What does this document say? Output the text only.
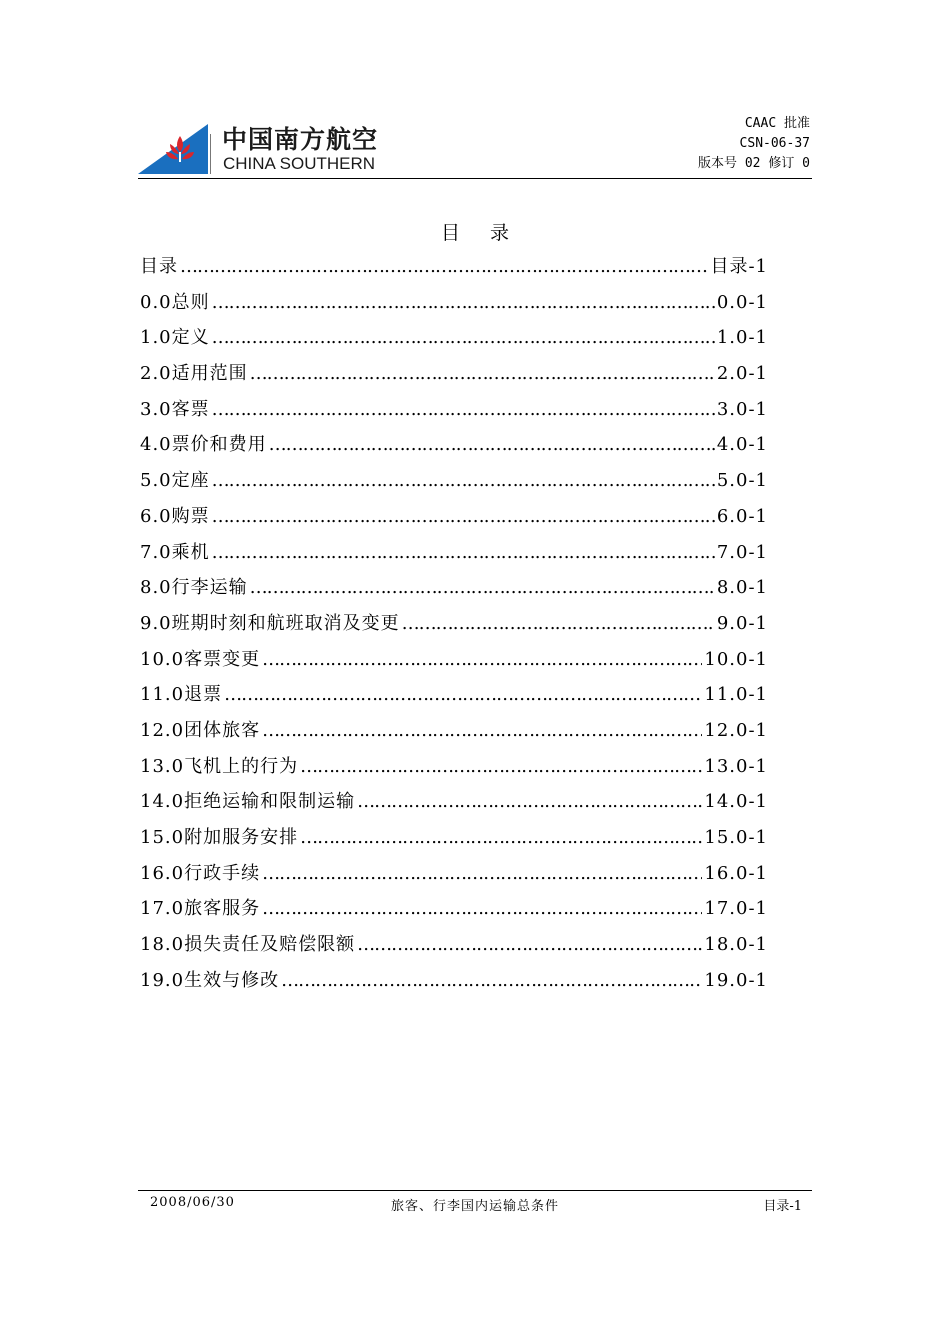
中国南方航空
CHINA SOUTHERN
CAAC 批准
CSN-06-37
版本号 02 修订 0
目 录
目录 ………………………………………………………………………………………………………………………	目录-1
0.0总则 ………………………………………………………………………………………………………………………	0.0-1
1.0定义 ………………………………………………………………………………………………………………………	1.0-1
2.0适用范围 ………………………………………………………………………………………………………………………	2.0-1
3.0客票 ………………………………………………………………………………………………………………………	3.0-1
4.0票价和费用 ………………………………………………………………………………………………………………………	4.0-1
5.0定座 ………………………………………………………………………………………………………………………	5.0-1
6.0购票 ………………………………………………………………………………………………………………………	6.0-1
7.0乘机 ………………………………………………………………………………………………………………………	7.0-1
8.0行李运输 ………………………………………………………………………………………………………………………	8.0-1
9.0班期时刻和航班取消及变更 ………………………………………………………………………………………………………………………	9.0-1
10.0客票变更 ………………………………………………………………………………………………………………………	10.0-1
11.0退票 ………………………………………………………………………………………………………………………	11.0-1
12.0团体旅客 ………………………………………………………………………………………………………………………	12.0-1
13.0飞机上的行为 ………………………………………………………………………………………………………………………	13.0-1
14.0拒绝运输和限制运输 ………………………………………………………………………………………………………………………	14.0-1
15.0附加服务安排 ………………………………………………………………………………………………………………………	15.0-1
16.0行政手续 ………………………………………………………………………………………………………………………	16.0-1
17.0旅客服务 ………………………………………………………………………………………………………………………	17.0-1
18.0损失责任及赔偿限额 ………………………………………………………………………………………………………………………	18.0-1
19.0生效与修改 ………………………………………………………………………………………………………………………	19.0-1
2008/06/30	旅客、行李国内运输总条件	目录-1
